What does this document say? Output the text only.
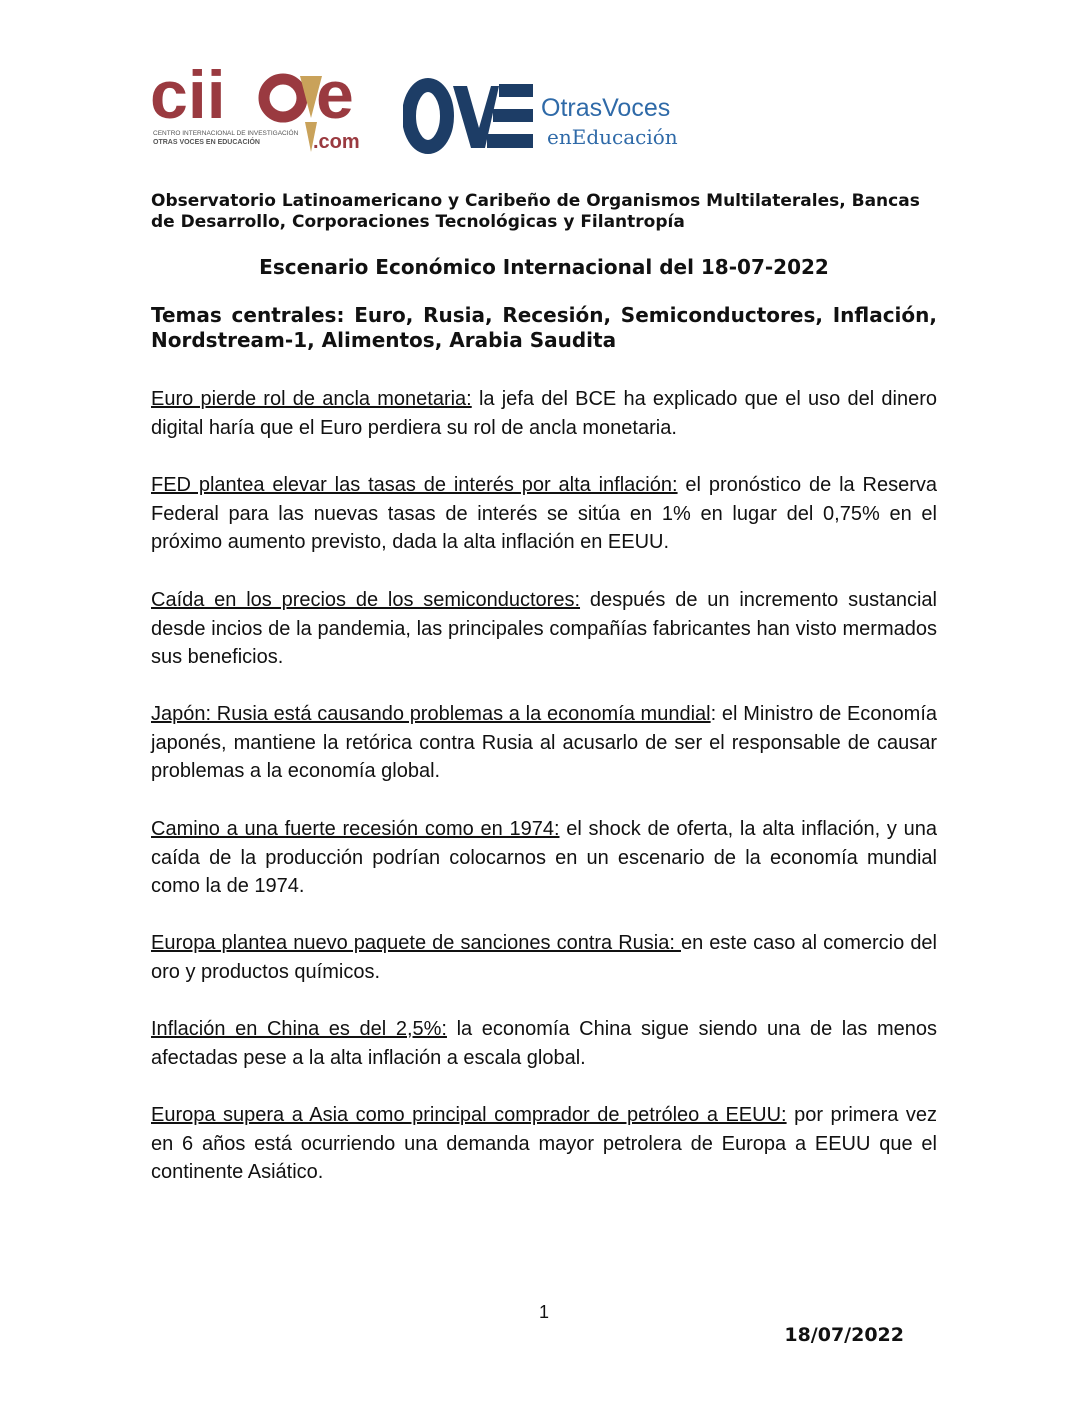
cii e
.com
CENTRO INTERNACIONAL DE INVESTIGACIÓN
OTRAS VOCES EN EDUCACIÓN
OtrasVoces
enEducación

Observatorio Latinoamericano y Caribeño de Organismos Multilaterales, Bancas de Desarrollo, Corporaciones Tecnológicas y Filantropía

Escenario Económico Internacional del 18-07-2022

Temas centrales: Euro, Rusia, Recesión, Semiconductores, Inflación, Nordstream-1, Alimentos, Arabia Saudita

Euro pierde rol de ancla monetaria: la jefa del BCE ha explicado que el uso del dinero digital haría que el Euro perdiera su rol de ancla monetaria.

FED plantea elevar las tasas de interés por alta inflación: el pronóstico de la Reserva Federal para las nuevas tasas de interés se sitúa en 1% en lugar del 0,75% en el próximo aumento previsto, dada la alta inflación en EEUU.

Caída en los precios de los semiconductores: después de un incremento sustancial desde incios de la pandemia, las principales compañías fabricantes han visto mermados sus beneficios.

Japón: Rusia está causando problemas a la economía mundial: el Ministro de Economía japonés, mantiene la retórica contra Rusia al acusarlo de ser el responsable de causar problemas a la economía global.

Camino a una fuerte recesión como en 1974: el shock de oferta, la alta inflación, y una caída de la producción podrían colocarnos en un escenario de la economía mundial como la de 1974.

Europa plantea nuevo paquete de sanciones contra Rusia: en este caso al comercio del oro y productos químicos.

Inflación en China es del 2,5%: la economía China sigue siendo una de las menos afectadas pese a la alta inflación a escala global.

Europa supera a Asia como principal comprador de petróleo a EEUU: por primera vez en 6 años está ocurriendo una demanda mayor petrolera de Europa a EEUU que el continente Asiático.

1

18/07/2022
